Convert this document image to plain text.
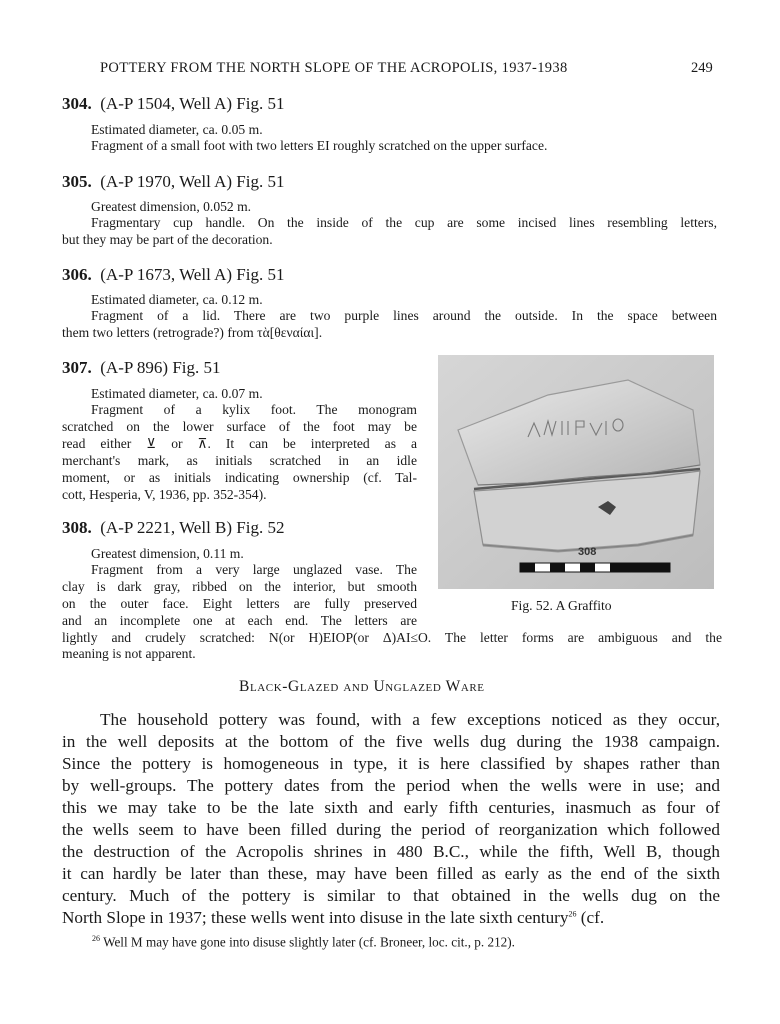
POTTERY FROM THE NORTH SLOPE OF THE ACROPOLIS, 1937-1938	249
304. (A-P 1504, Well A) Fig. 51
Estimated diameter, ca. 0.05 m.
Fragment of a small foot with two letters EI roughly scratched on the upper surface.
305. (A-P 1970, Well A) Fig. 51
Greatest dimension, 0.052 m.
Fragmentary cup handle. On the inside of the cup are some incised lines resembling letters,
but they may be part of the decoration.
306. (A-P 1673, Well A) Fig. 51
Estimated diameter, ca. 0.12 m.
Fragment of a lid. There are two purple lines around the outside. In the space between
them two letters (retrograde?) from τὰ[θεναίαι].
307. (A-P 896) Fig. 51
Estimated diameter, ca. 0.07 m.
Fragment of a kylix foot. The monogram
scratched on the lower surface of the foot may be
read either ⊻ or ⊼. It can be interpreted as a
merchant's mark, as initials scratched in an idle
moment, or as initials indicating ownership (cf. Tal-
cott, Hesperia, V, 1936, pp. 352-354).
308. (A-P 2221, Well B) Fig. 52
Greatest dimension, 0.11 m.
Fragment from a very large unglazed vase. The
clay is dark gray, ribbed on the interior, but smooth
on the outer face. Eight letters are fully preserved
and an incomplete one at each end. The letters are
lightly and crudely scratched: N(or H)EIOP(or Δ)AI≤O. The letter forms are ambiguous and the
meaning is not apparent.
308
Fig. 52. A Graffito
Black-Glazed and Unglazed Ware
The household pottery was found, with a few exceptions noticed as they occur,
in the well deposits at the bottom of the five wells dug during the 1938 campaign.
Since the pottery is homogeneous in type, it is here classified by shapes rather than
by well-groups. The pottery dates from the period when the wells were in use; and
this we may take to be the late sixth and early fifth centuries, inasmuch as four of
the wells seem to have been filled during the period of reorganization which followed
the destruction of the Acropolis shrines in 480 B.C., while the fifth, Well B, though
it can hardly be later than these, may have been filled as early as the end of the sixth
century. Much of the pottery is similar to that obtained in the wells dug on the
North Slope in 1937; these wells went into disuse in the late sixth century$^{26}$ (cf.
$^{26}$ Well M may have gone into disuse slightly later (cf. Broneer, loc. cit., p. 212).
